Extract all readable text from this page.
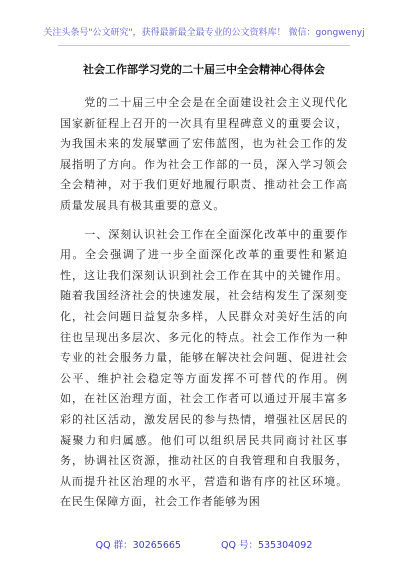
关注头条号"公文研究"，获得最新最全最专业的公文资料库！ 微信：gongwenyj
社会工作部学习党的二十届三中全会精神心得体会

党的二十届三中全会是在全面建设社会主义现代化国家新征程上召开的一次具有里程碑意义的重要会议，为我国未来的发展擘画了宏伟蓝图，也为社会工作的发展指明了方向。作为社会工作部的一员，深入学习领会全会精神，对于我们更好地履行职责、推动社会工作高质量发展具有极其重要的意义。

一、深刻认识社会工作在全面深化改革中的重要作用。全会强调了进一步全面深化改革的重要性和紧迫性，这让我们深刻认识到社会工作在其中的关键作用。随着我国经济社会的快速发展，社会结构发生了深刻变化，社会问题日益复杂多样，人民群众对美好生活的向往也呈现出多层次、多元化的特点。社会工作作为一种专业的社会服务力量，能够在解决社会问题、促进社会公平、维护社会稳定等方面发挥不可替代的作用。例如，在社区治理方面，社会工作者可以通过开展丰富多彩的社区活动，激发居民的参与热情，增强社区居民的凝聚力和归属感。他们可以组织居民共同商讨社区事务，协调社区资源，推动社区的自我管理和自我服务，从而提升社区治理的水平，营造和谐有序的社区环境。在民生保障方面，社会工作者能够为困

QQ 群：30265665	QQ 号：535304092
